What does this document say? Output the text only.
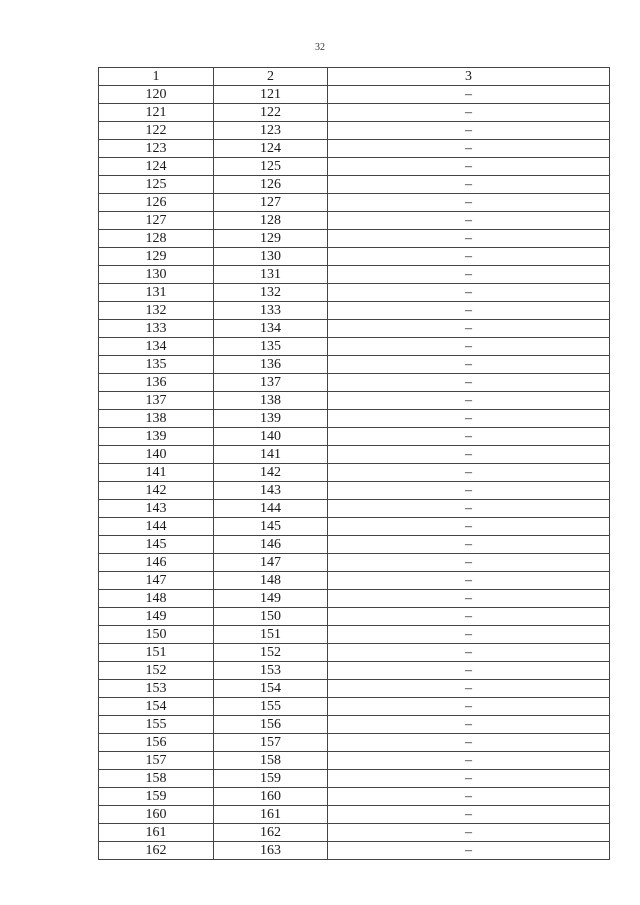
32
1	2	3
120	121	–
121	122	–
122	123	–
123	124	–
124	125	–
125	126	–
126	127	–
127	128	–
128	129	–
129	130	–
130	131	–
131	132	–
132	133	–
133	134	–
134	135	–
135	136	–
136	137	–
137	138	–
138	139	–
139	140	–
140	141	–
141	142	–
142	143	–
143	144	–
144	145	–
145	146	–
146	147	–
147	148	–
148	149	–
149	150	–
150	151	–
151	152	–
152	153	–
153	154	–
154	155	–
155	156	–
156	157	–
157	158	–
158	159	–
159	160	–
160	161	–
161	162	–
162	163	–
